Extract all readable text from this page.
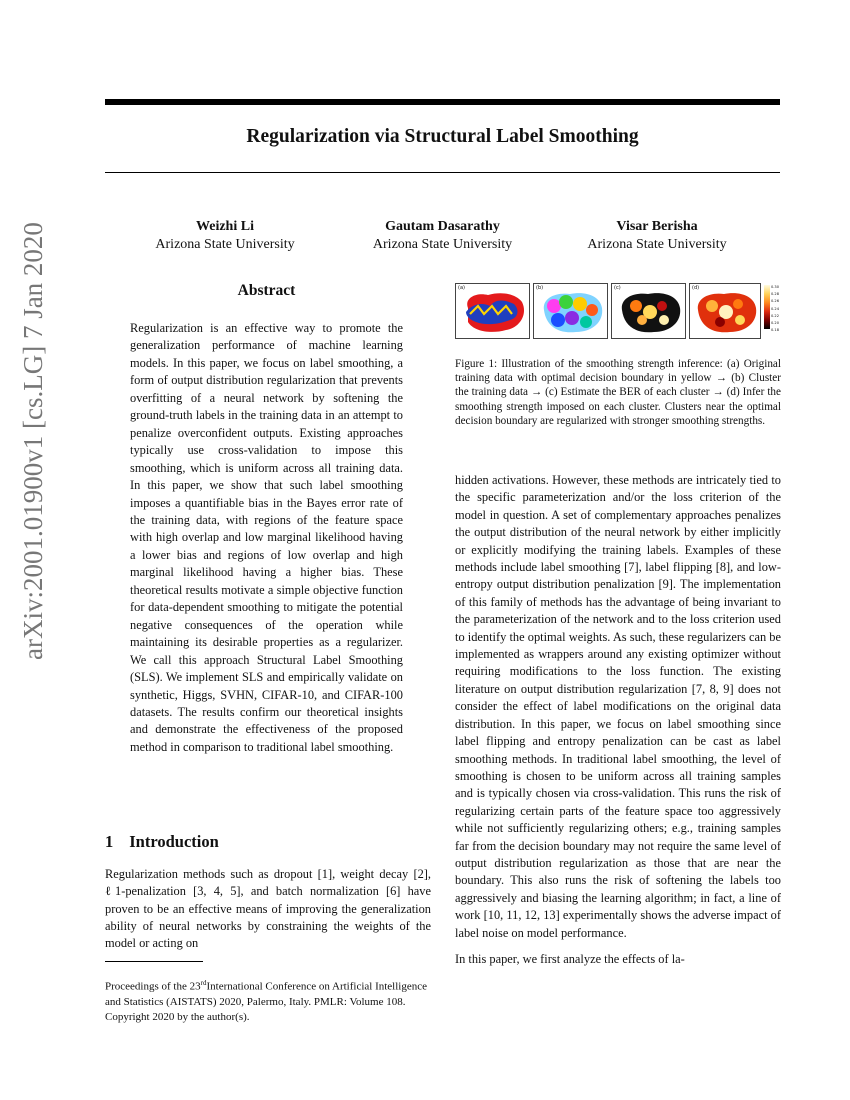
Regularization via Structural Label Smoothing
Weizhi Li
Arizona State University
Gautam Dasarathy
Arizona State University
Visar Berisha
Arizona State University
arXiv:2001.01900v1 [cs.LG] 7 Jan 2020	Abstract
Regularization is an effective way to promote the generalization performance of machine learning models. In this paper, we focus on label smoothing, a form of output distribution regularization that prevents overfitting of a neural network by softening the ground-truth labels in the training data in an attempt to penalize overconfident outputs. Existing approaches typically use cross-validation to impose this smoothing, which is uniform across all training data. In this paper, we show that such label smoothing imposes a quantifiable bias in the Bayes error rate of the training data, with regions of the feature space with high overlap and low marginal likelihood having a lower bias and regions of low overlap and high marginal likelihood having a higher bias. These theoretical results motivate a simple objective function for data-dependent smoothing to mitigate the potential negative consequences of the operation while maintaining its desirable properties as a regularizer. We call this approach Structural Label Smoothing (SLS). We implement SLS and empirically validate on synthetic, Higgs, SVHN, CIFAR-10, and CIFAR-100 datasets. The results confirm our theoretical insights and demonstrate the effectiveness of the proposed method in comparison to traditional label smoothing.
1 Introduction
Regularization methods such as dropout [1], weight decay [2], ℓ1-penalization [3, 4, 5], and batch normalization [6] have proven to be an effective means of improving the generalization ability of neural networks by constraining the weights of the model or acting on
Proceedings of the 23rdInternational Conference on Artificial Intelligence and Statistics (AISTATS) 2020, Palermo, Italy. PMLR: Volume 108. Copyright 2020 by the author(s).
(a)	(b)	(c)	(d)	0.30
0.28
0.26
0.24
0.22
0.20
0.18
Figure 1: Illustration of the smoothing strength inference: (a) Original training data with optimal decision boundary in yellow → (b) Cluster the training data → (c) Estimate the BER of each cluster → (d) Infer the smoothing strength imposed on each cluster. Clusters near the optimal decision boundary are regularized with stronger smoothing strengths.

hidden activations. However, these methods are intricately tied to the specific parameterization and/or the loss criterion of the model in question. A set of complementary approaches penalizes the output distribution of the neural network by either implicitly or explicitly modifying the training labels. Examples of these methods include label smoothing [7], label flipping [8], and low-entropy output distribution penalization [9]. The implementation of this family of methods has the advantage of being invariant to the parameterization of the network and to the loss criterion used to identify the optimal weights. As such, these regularizers can be implemented as wrappers around any existing optimizer without requiring modifications to the loss function. The existing literature on output distribution regularization [7, 8, 9] does not consider the effect of label modifications on the original data distribution. In this paper, we focus on label smoothing since label flipping and entropy penalization can be cast as label smoothing methods. In traditional label smoothing, the level of smoothing is chosen to be uniform across all training samples and is typically chosen via cross-validation. This runs the risk of regularizing certain parts of the feature space too aggressively while not sufficiently regularizing others; e.g., training samples far from the decision boundary may not require the same level of output distribution regularization as those that are near the boundary. This also runs the risk of softening the labels too aggressively and biasing the learning algorithm; in fact, a line of work [10, 11, 12, 13] experimentally shows the adverse impact of label noise on model performance.

In this paper, we first analyze the effects of la-
